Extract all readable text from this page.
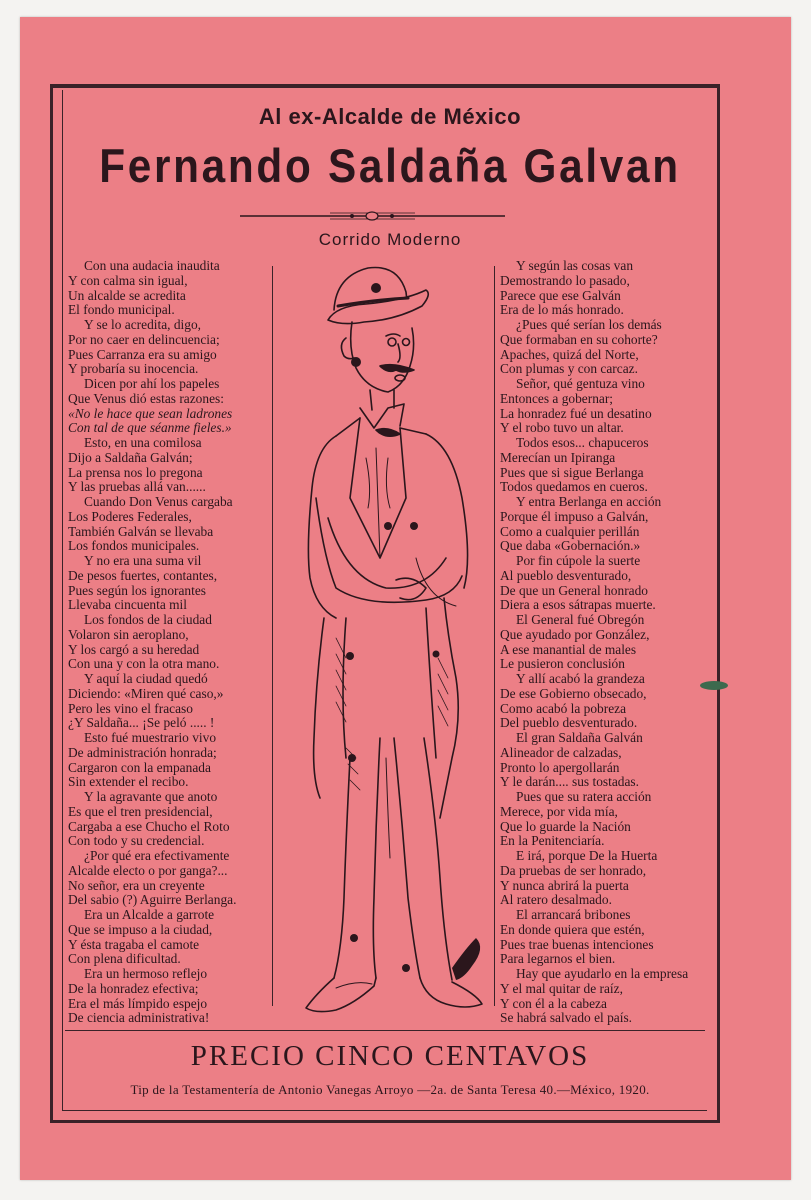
Al ex-Alcalde de México
Fernando Saldaña Galvan
Corrido Moderno
Con una audacia inaudita
Y con calma sin igual,
Un alcalde se acredita
El fondo municipal.
Y se lo acredita, digo,
Por no caer en delincuencia;
Pues Carranza era su amigo
Y probaría su inocencia.
Dicen por ahí los papeles
Que Venus dió estas razones:
«No le hace que sean ladrones
Con tal de que séanme fieles.»
Esto, en una comilosa
Dijo a Saldaña Galván;
La prensa nos lo pregona
Y las pruebas allá van......
Cuando Don Venus cargaba
Los Poderes Federales,
También Galván se llevaba
Los fondos municipales.
Y no era una suma vil
De pesos fuertes, contantes,
Pues según los ignorantes
Llevaba cincuenta mil
Los fondos de la ciudad
Volaron sin aeroplano,
Y los cargó a su heredad
Con una y con la otra mano.
Y aquí la ciudad quedó
Diciendo: «Miren qué caso,»
Pero les vino el fracaso
¿Y Saldaña... ¡Se peló ..... !
Esto fué muestrario vivo
De administración honrada;
Cargaron con la empanada
Sin extender el recibo.
Y la agravante que anoto
Es que el tren presidencial,
Cargaba a ese Chucho el Roto
Con todo y su credencial.
¿Por qué era efectivamente
Alcalde electo o por ganga?...
No señor, era un creyente
Del sabio (?) Aguirre Berlanga.
Era un Alcalde a garrote
Que se impuso a la ciudad,
Y ésta tragaba el camote
Con plena dificultad.
Era un hermoso reflejo
De la honradez efectiva;
Era el más límpido espejo
De ciencia administrativa!
Y según las cosas van
Demostrando lo pasado,
Parece que ese Galván
Era de lo más honrado.
¿Pues qué serían los demás
Que formaban en su cohorte?
Apaches, quizá del Norte,
Con plumas y con carcaz.
Señor, qué gentuza vino
Entonces a gobernar;
La honradez fué un desatino
Y el robo tuvo un altar.
Todos esos... chapuceros
Merecían un Ipiranga
Pues que si sigue Berlanga
Todos quedamos en cueros.
Y entra Berlanga en acción
Porque él impuso a Galván,
Como a cualquier perillán
Que daba «Gobernación.»
Por fin cúpole la suerte
Al pueblo desventurado,
De que un General honrado
Diera a esos sátrapas muerte.
El General fué Obregón
Que ayudado por González,
A ese manantial de males
Le pusieron conclusión
Y allí acabó la grandeza
De ese Gobierno obsecado,
Como acabó la pobreza
Del pueblo desventurado.
El gran Saldaña Galván
Alineador de calzadas,
Pronto lo apergollarán
Y le darán.... sus tostadas.
Pues que su ratera acción
Merece, por vida mía,
Que lo guarde la Nación
En la Penitenciaría.
E irá, porque De la Huerta
Da pruebas de ser honrado,
Y nunca abrirá la puerta
Al ratero desalmado.
El arrancará bribones
En donde quiera que estén,
Pues trae buenas intenciones
Para legarnos el bien.
Hay que ayudarlo en la empresa
Y el mal quitar de raíz,
Y con él a la cabeza
Se habrá salvado el país.
PRECIO CINCO CENTAVOS
Tip de la Testamentería de Antonio Vanegas Arroyo —2a. de Santa Teresa 40.—México, 1920.
